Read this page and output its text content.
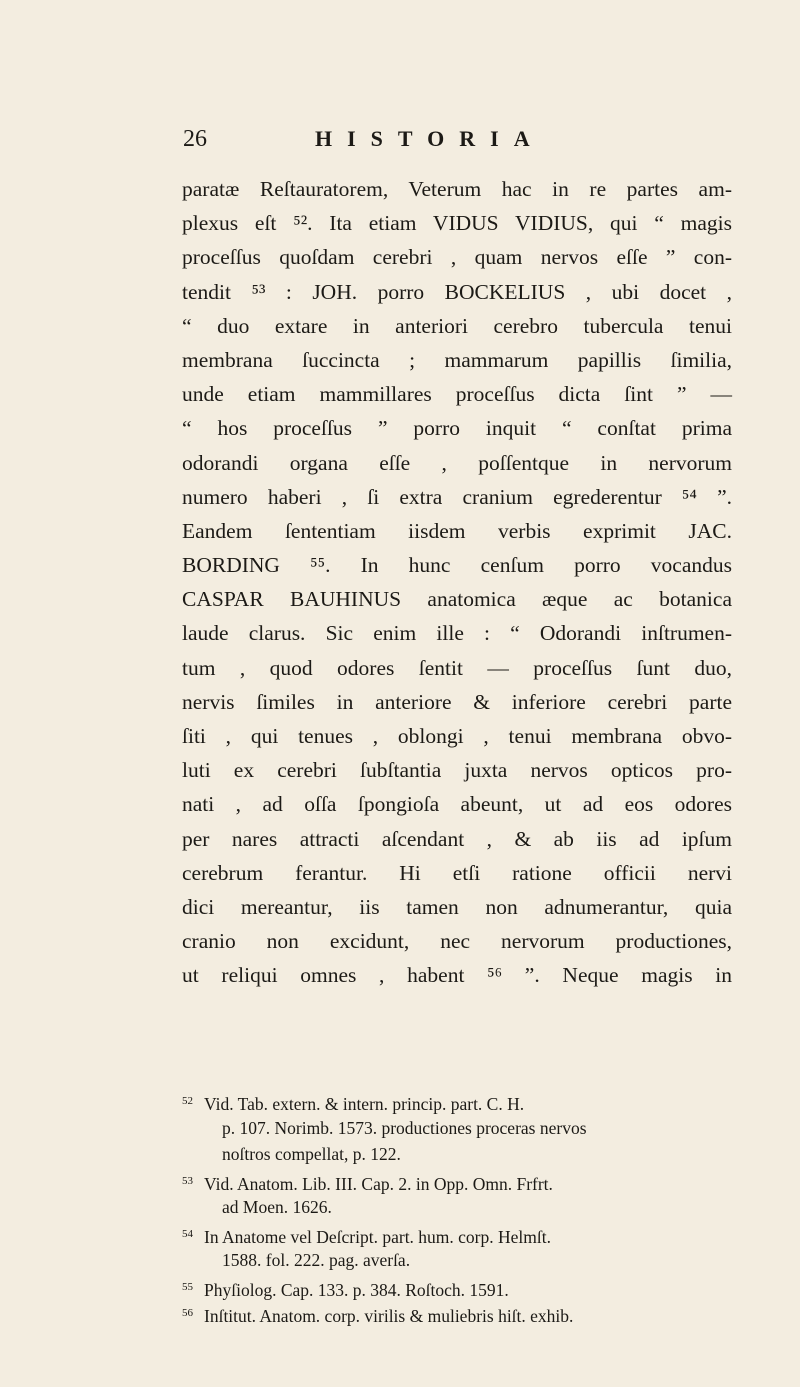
26	HISTORIA
paratæ Reſtauratorem, Veterum hac in re partes am-
plexus eſt ⁵². Ita etiam VIDUS VIDIUS, qui “ magis
proceſſus quoſdam cerebri , quam nervos eſſe ” con-
tendit ⁵³ : JOH. porro BOCKELIUS , ubi docet ,
“ duo extare in anteriori cerebro tubercula tenui
membrana ſuccincta ; mammarum papillis ſimilia,
unde etiam mammillares proceſſus dicta ſint ” —
“ hos proceſſus ” porro inquit “ conſtat prima
odorandi organa eſſe , poſſentque in nervorum
numero haberi , ſi extra cranium egrederentur ⁵⁴ ”.
Eandem ſententiam iisdem verbis exprimit JAC.
BORDING ⁵⁵. In hunc cenſum porro vocandus
CASPAR BAUHINUS anatomica æque ac botanica
laude clarus. Sic enim ille : “ Odorandi inſtrumen-
tum , quod odores ſentit — proceſſus ſunt duo,
nervis ſimiles in anteriore & inferiore cerebri parte
ſiti , qui tenues , oblongi , tenui membrana obvo-
luti ex cerebri ſubſtantia juxta nervos opticos pro-
nati , ad oſſa ſpongioſa abeunt, ut ad eos odores
per nares attracti aſcendant , & ab iis ad ipſum
cerebrum ferantur. Hi etſi ratione officii nervi
dici mereantur, iis tamen non adnumerantur, quia
cranio non excidunt, nec nervorum productiones,
ut reliqui omnes , habent ⁵⁶ ”. Neque magis in
52 Vid. Tab. extern. & intern. princip. part. C. H.
p. 107. Norimb. 1573. productiones proceras nervos
noſtros compellat, p. 122.
53 Vid. Anatom. Lib. III. Cap. 2. in Opp. Omn. Frfrt.
ad Moen. 1626.
54 In Anatome vel Deſcript. part. hum. corp. Helmſt.
1588. fol. 222. pag. averſa.
55 Phyſiolog. Cap. 133. p. 384. Roſtoch. 1591.
56 Inſtitut. Anatom. corp. virilis & muliebris hiſt. exhib.
